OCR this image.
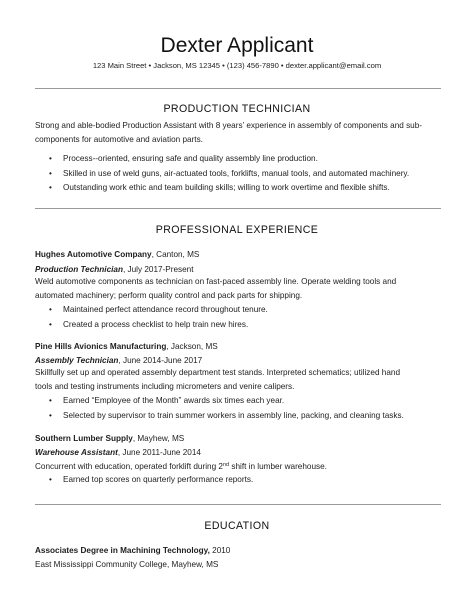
Dexter Applicant
123 Main Street • Jackson, MS 12345 • (123) 456-7890 • dexter.applicant@email.com
PRODUCTION TECHNICIAN
Strong and able-bodied Production Assistant with 8 years’ experience in assembly of components and sub-
components for automotive and aviation parts.
• Process--oriented, ensuring safe and quality assembly line production.
• Skilled in use of weld guns, air-actuated tools, forklifts, manual tools, and automated machinery.
• Outstanding work ethic and team building skills; willing to work overtime and flexible shifts.
PROFESSIONAL EXPERIENCE
Hughes Automotive Company, Canton, MS
Production Technician, July 2017-Present
Weld automotive components as technician on fast-paced assembly line. Operate welding tools and
automated machinery; perform quality control and pack parts for shipping.
• Maintained perfect attendance record throughout tenure.
• Created a process checklist to help train new hires.
Pine Hills Avionics Manufacturing, Jackson, MS
Assembly Technician, June 2014-June 2017
Skillfully set up and operated assembly department test stands. Interpreted schematics; utilized hand
tools and testing instruments including micrometers and venire calipers.
• Earned “Employee of the Month” awards six times each year.
• Selected by supervisor to train summer workers in assembly line, packing, and cleaning tasks.
Southern Lumber Supply, Mayhew, MS
Warehouse Assistant, June 2011-June 2014
Concurrent with education, operated forklift during 2nd shift in lumber warehouse.
• Earned top scores on quarterly performance reports.
EDUCATION
Associates Degree in Machining Technology, 2010
East Mississippi Community College, Mayhew, MS
